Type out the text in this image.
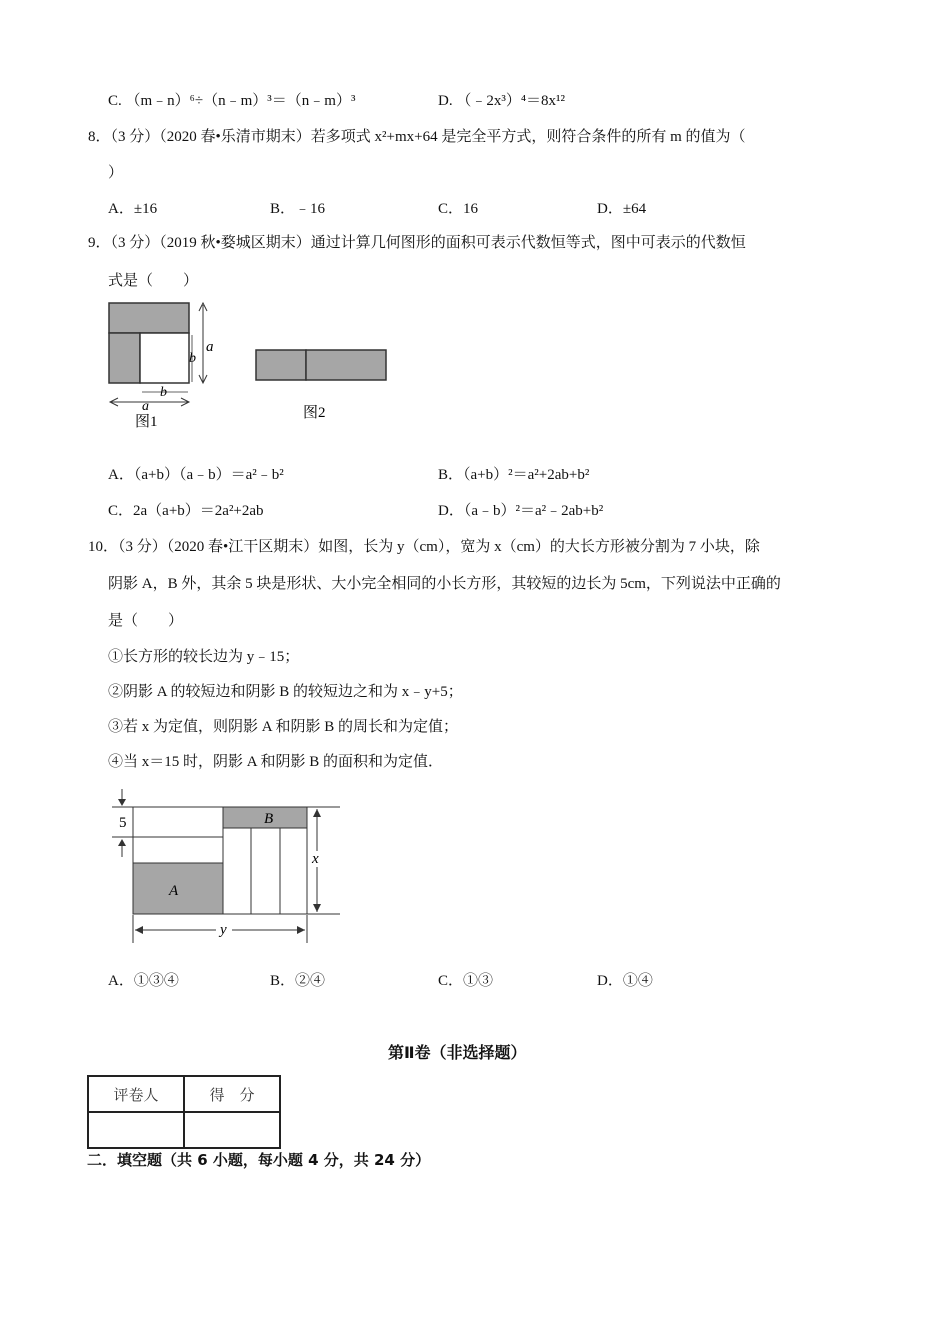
C. （m﹣n）⁶÷（n﹣m）³＝（n﹣m）³	D. （﹣2x³）⁴＝8x¹²
8．（3 分）（2020 春•乐清市期末）若多项式 x²+mx+64 是完全平方式，则符合条件的所有 m 的值为（
）
A．±16	B．﹣16	C．16	D．±64
9．（3 分）（2019 秋•婺城区期末）通过计算几何图形的面积可表示代数恒等式，图中可表示的代数恒
式是（　　）
a
b
b
a
图1
图2
A．（a+b）（a﹣b）＝a²﹣b²	B．（a+b）²＝a²+2ab+b²
C．2a（a+b）＝2a²+2ab	D．（a﹣b）²＝a²﹣2ab+b²
10．（3 分）（2020 春•江干区期末）如图，长为 y（cm），宽为 x（cm）的大长方形被分割为 7 小块，除
阴影 A，B 外，其余 5 块是形状、大小完全相同的小长方形，其较短的边长为 5cm，下列说法中正确的
是（　　）
①长方形的较长边为 y﹣15；
②阴影 A 的较短边和阴影 B 的较短边之和为 x﹣y+5；
③若 x 为定值，则阴影 A 和阴影 B 的周长和为定值；
④当 x＝15 时，阴影 A 和阴影 B 的面积和为定值．
5	B
A
x
y
A．①③④	B．②④	C．①③	D．①④
第Ⅱ卷（非选择题）
评卷人	得　分

二．填空题（共 6 小题，每小题 4 分，共 24 分）
